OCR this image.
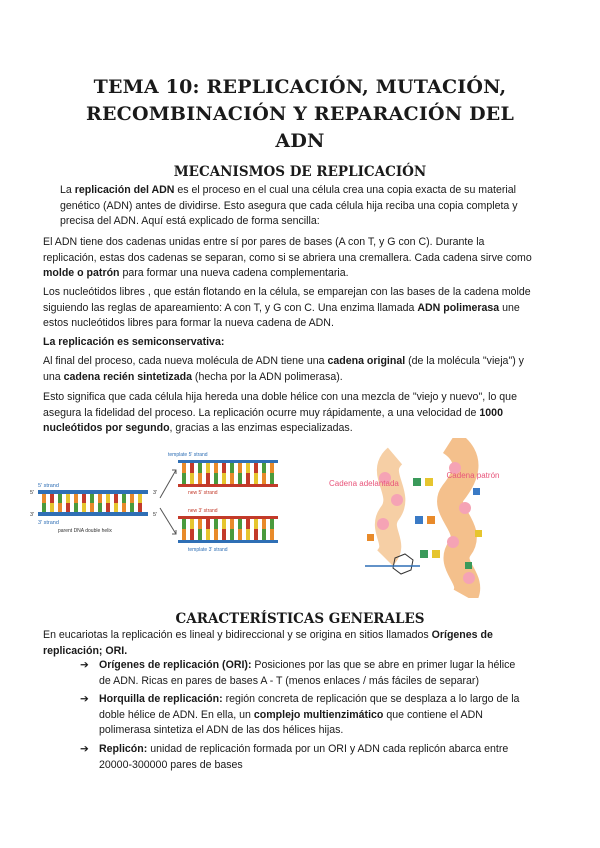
TEMA 10: REPLICACIÓN, MUTACIÓN,
RECOMBINACIÓN Y REPARACIÓN DEL
ADN
MECANISMOS DE REPLICACIÓN
La replicación del ADN es el proceso en el cual una célula crea una copia exacta de su material genético (ADN) antes de dividirse. Esto asegura que cada célula hija reciba una copia completa y precisa del ADN. Aquí está explicado de forma sencilla:
El ADN tiene dos cadenas unidas entre sí por pares de bases (A con T, y G con C). Durante la replicación, estas dos cadenas se separan, como si se abriera una cremallera. Cada cadena sirve como molde o patrón para formar una nueva cadena complementaria.
Los nucleótidos libres , que están flotando en la célula, se emparejan con las bases de la cadena molde siguiendo las reglas de apareamiento: A con T, y G con C. Una enzima llamada ADN polimerasa une estos nucleótidos libres para formar la nueva cadena de ADN.
La replicación es semiconservativa:
Al final del proceso, cada nueva molécula de ADN tiene una cadena original (de la molécula "vieja") y una cadena recién sintetizada (hecha por la ADN polimerasa).
Esto significa que cada célula hija hereda una doble hélice con una mezcla de "viejo y nuevo", lo que asegura la fidelidad del proceso. La replicación ocurre muy rápidamente, a una velocidad de 1000 nucleótidos por segundo, gracias a las enzimas especializadas.
5' strand
3' strand
5'
3'
3'
5'
parent DNA double helix
template 5' strand
new 5' strand
new 3' strand
template 3' strand
Cadena adelantada
Cadena patrón
CARACTERÍSTICAS GENERALES
En eucariotas la replicación es lineal y bidireccional y se origina en sitios llamados Orígenes de replicación; ORI.
➔ Orígenes de replicación (ORI): Posiciones por las que se abre en primer lugar la hélice de ADN. Ricas en pares de bases A - T (menos enlaces / más fáciles de separar)
➔ Horquilla de replicación: región concreta de replicación que se desplaza a lo largo de la doble hélice de ADN. En ella, un complejo multienzimático que contiene el ADN polimerasa sintetiza el ADN de las dos hélices hijas.
➔ Replicón: unidad de replicación formada por un ORI y ADN cada replicón abarca entre 20000-300000 pares de bases
